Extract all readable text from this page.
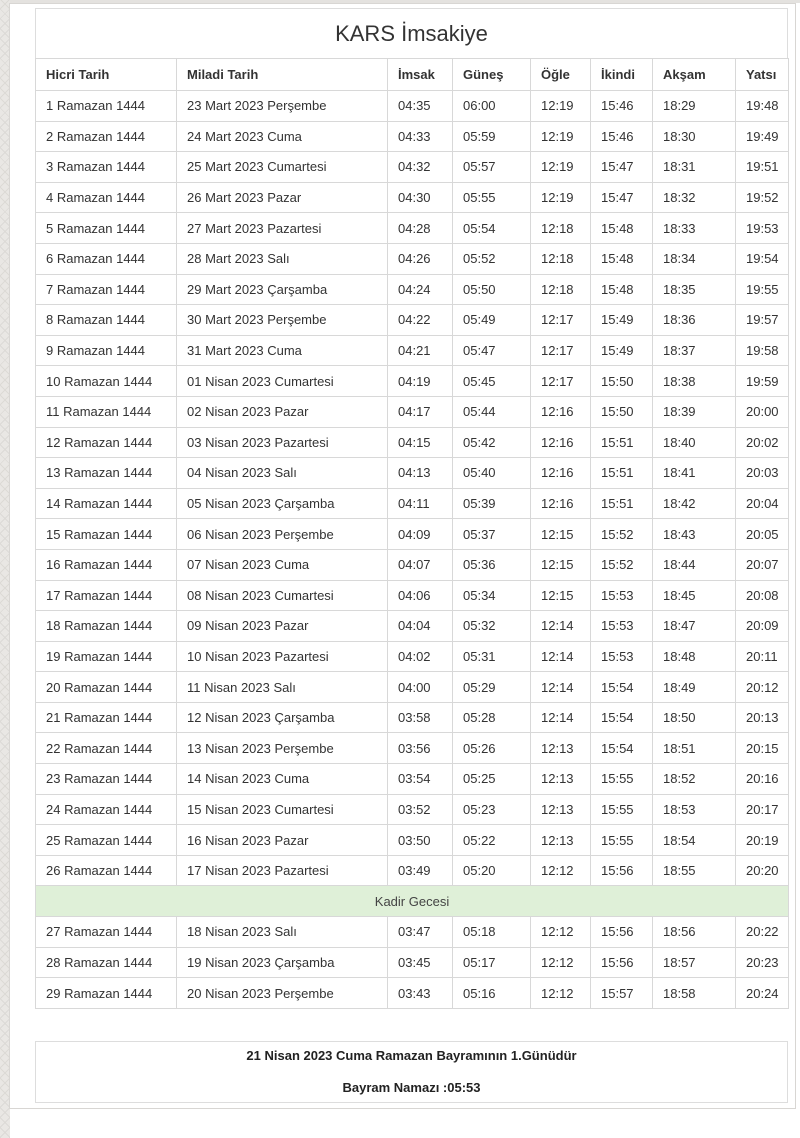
KARS İmsakiye
Hicri Tarih	Miladi Tarih	İmsak	Güneş	Öğle	İkindi	Akşam	Yatsı
1 Ramazan 1444	23 Mart 2023 Perşembe	04:35	06:00	12:19	15:46	18:29	19:48
2 Ramazan 1444	24 Mart 2023 Cuma	04:33	05:59	12:19	15:46	18:30	19:49
3 Ramazan 1444	25 Mart 2023 Cumartesi	04:32	05:57	12:19	15:47	18:31	19:51
4 Ramazan 1444	26 Mart 2023 Pazar	04:30	05:55	12:19	15:47	18:32	19:52
5 Ramazan 1444	27 Mart 2023 Pazartesi	04:28	05:54	12:18	15:48	18:33	19:53
6 Ramazan 1444	28 Mart 2023 Salı	04:26	05:52	12:18	15:48	18:34	19:54
7 Ramazan 1444	29 Mart 2023 Çarşamba	04:24	05:50	12:18	15:48	18:35	19:55
8 Ramazan 1444	30 Mart 2023 Perşembe	04:22	05:49	12:17	15:49	18:36	19:57
9 Ramazan 1444	31 Mart 2023 Cuma	04:21	05:47	12:17	15:49	18:37	19:58
10 Ramazan 1444	01 Nisan 2023 Cumartesi	04:19	05:45	12:17	15:50	18:38	19:59
11 Ramazan 1444	02 Nisan 2023 Pazar	04:17	05:44	12:16	15:50	18:39	20:00
12 Ramazan 1444	03 Nisan 2023 Pazartesi	04:15	05:42	12:16	15:51	18:40	20:02
13 Ramazan 1444	04 Nisan 2023 Salı	04:13	05:40	12:16	15:51	18:41	20:03
14 Ramazan 1444	05 Nisan 2023 Çarşamba	04:11	05:39	12:16	15:51	18:42	20:04
15 Ramazan 1444	06 Nisan 2023 Perşembe	04:09	05:37	12:15	15:52	18:43	20:05
16 Ramazan 1444	07 Nisan 2023 Cuma	04:07	05:36	12:15	15:52	18:44	20:07
17 Ramazan 1444	08 Nisan 2023 Cumartesi	04:06	05:34	12:15	15:53	18:45	20:08
18 Ramazan 1444	09 Nisan 2023 Pazar	04:04	05:32	12:14	15:53	18:47	20:09
19 Ramazan 1444	10 Nisan 2023 Pazartesi	04:02	05:31	12:14	15:53	18:48	20:11
20 Ramazan 1444	11 Nisan 2023 Salı	04:00	05:29	12:14	15:54	18:49	20:12
21 Ramazan 1444	12 Nisan 2023 Çarşamba	03:58	05:28	12:14	15:54	18:50	20:13
22 Ramazan 1444	13 Nisan 2023 Perşembe	03:56	05:26	12:13	15:54	18:51	20:15
23 Ramazan 1444	14 Nisan 2023 Cuma	03:54	05:25	12:13	15:55	18:52	20:16
24 Ramazan 1444	15 Nisan 2023 Cumartesi	03:52	05:23	12:13	15:55	18:53	20:17
25 Ramazan 1444	16 Nisan 2023 Pazar	03:50	05:22	12:13	15:55	18:54	20:19
26 Ramazan 1444	17 Nisan 2023 Pazartesi	03:49	05:20	12:12	15:56	18:55	20:20
Kadir Gecesi							
27 Ramazan 1444	18 Nisan 2023 Salı	03:47	05:18	12:12	15:56	18:56	20:22
28 Ramazan 1444	19 Nisan 2023 Çarşamba	03:45	05:17	12:12	15:56	18:57	20:23
29 Ramazan 1444	20 Nisan 2023 Perşembe	03:43	05:16	12:12	15:57	18:58	20:24

21 Nisan 2023 Cuma Ramazan Bayramının 1.Günüdür

Bayram Namazı :05:53
